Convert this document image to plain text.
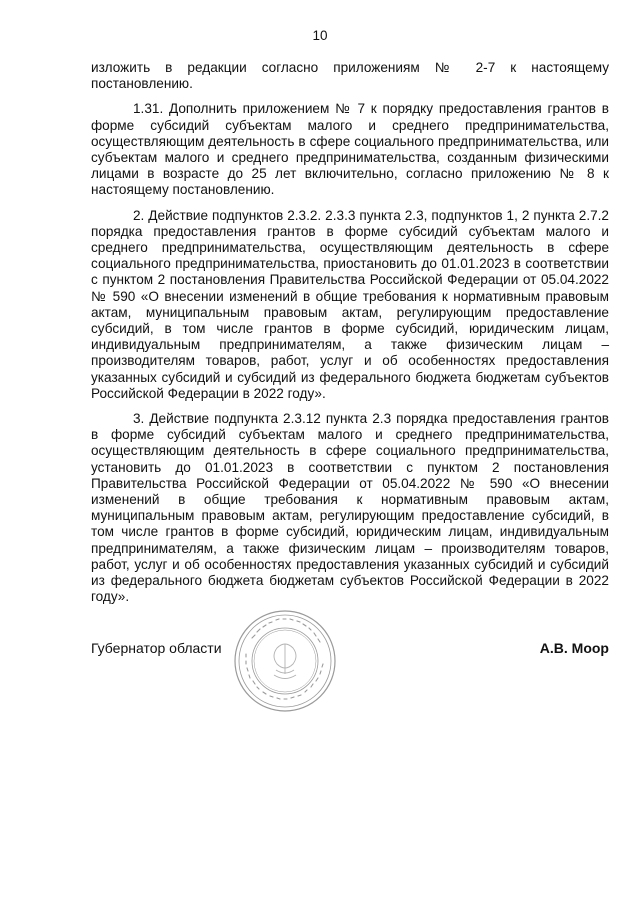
10

изложить в редакции согласно приложениям № 2-7 к настоящему постановлению.

1.31. Дополнить приложением № 7 к порядку предоставления грантов в форме субсидий субъектам малого и среднего предпринимательства, осуществляющим деятельность в сфере социального предпринимательства, или субъектам малого и среднего предпринимательства, созданным физическими лицами в возрасте до 25 лет включительно, согласно приложению № 8 к настоящему постановлению.

2. Действие подпунктов 2.3.2. 2.3.3 пункта 2.3, подпунктов 1, 2 пункта 2.7.2 порядка предоставления грантов в форме субсидий субъектам малого и среднего предпринимательства, осуществляющим деятельность в сфере социального предпринимательства, приостановить до 01.01.2023 в соответствии с пунктом 2 постановления Правительства Российской Федерации от 05.04.2022 № 590 «О внесении изменений в общие требования к нормативным правовым актам, муниципальным правовым актам, регулирующим предоставление субсидий, в том числе грантов в форме субсидий, юридическим лицам, индивидуальным предпринимателям, а также физическим лицам – производителям товаров, работ, услуг и об особенностях предоставления указанных субсидий и субсидий из федерального бюджета бюджетам субъектов Российской Федерации в 2022 году».

3. Действие подпункта 2.3.12 пункта 2.3 порядка предоставления грантов в форме субсидий субъектам малого и среднего предпринимательства, осуществляющим деятельность в сфере социального предпринимательства, установить до 01.01.2023 в соответствии с пунктом 2 постановления Правительства Российской Федерации от 05.04.2022 № 590 «О внесении изменений в общие требования к нормативным правовым актам, муниципальным правовым актам, регулирующим предоставление субсидий, в том числе грантов в форме субсидий, юридическим лицам, индивидуальным предпринимателям, а также физическим лицам – производителям товаров, работ, услуг и об особенностях предоставления указанных субсидий и субсидий из федерального бюджета бюджетам субъектов Российской Федерации в 2022 году».

Губернатор области	А.В. Моор
